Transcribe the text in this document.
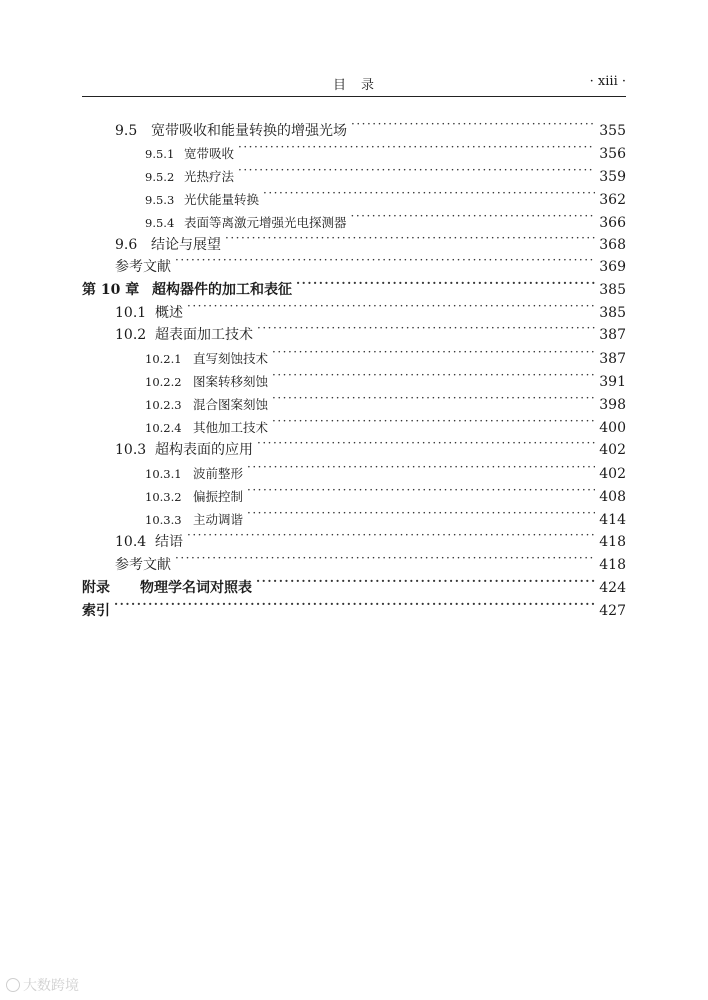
目　录	· xiii ·
9.5 宽带吸收和能量转换的增强光场 ·····	355
9.5.1 宽带吸收 ·····	356
9.5.2 光热疗法 ·····	359
9.5.3 光伏能量转换 ·····	362
9.5.4 表面等离激元增强光电探测器 ·····	366
9.6 结论与展望 ·····	368
参考文献 ·····	369
第 10 章 超构器件的加工和表征 ·····	385
10.1 概述 ·····	385
10.2 超表面加工技术 ·····	387
10.2.1 直写刻蚀技术 ·····	387
10.2.2 图案转移刻蚀 ·····	391
10.2.3 混合图案刻蚀 ·····	398
10.2.4 其他加工技术 ·····	400
10.3 超构表面的应用 ·····	402
10.3.1 波前整形 ·····	402
10.3.2 偏振控制 ·····	408
10.3.3 主动调谐 ·····	414
10.4 结语 ·····	418
参考文献 ·····	418
附录	物理学名词对照表 ·····	424
索引 ·····	427
大数跨境
